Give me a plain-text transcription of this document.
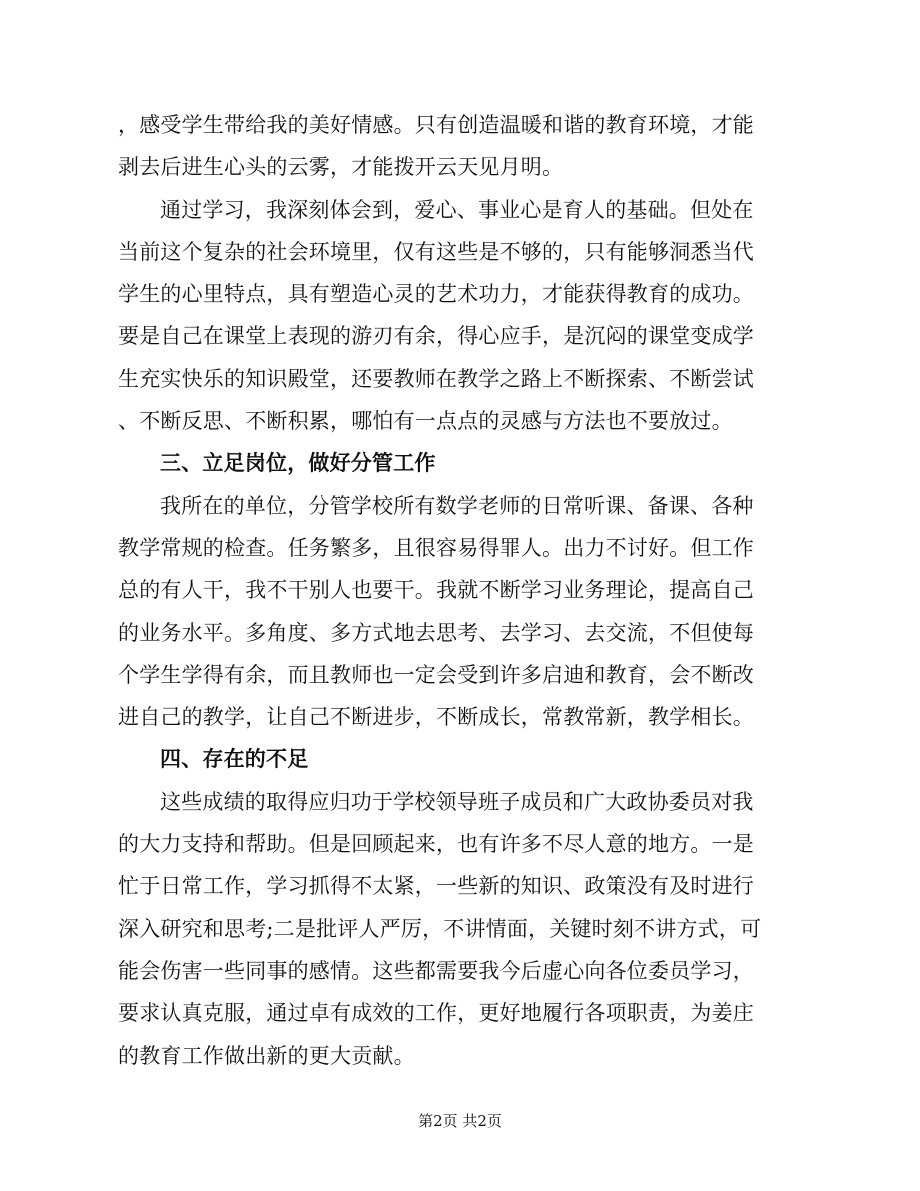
，感受学生带给我的美好情感。只有创造温暖和谐的教育环境，才能
剥去后进生心头的云雾，才能拨开云天见月明。
通过学习，我深刻体会到，爱心、事业心是育人的基础。但处在
当前这个复杂的社会环境里，仅有这些是不够的，只有能够洞悉当代
学生的心里特点，具有塑造心灵的艺术功力，才能获得教育的成功。
要是自己在课堂上表现的游刃有余，得心应手，是沉闷的课堂变成学
生充实快乐的知识殿堂，还要教师在教学之路上不断探索、不断尝试
、不断反思、不断积累，哪怕有一点点的灵感与方法也不要放过。
三、立足岗位，做好分管工作
我所在的单位，分管学校所有数学老师的日常听课、备课、各种
教学常规的检查。任务繁多，且很容易得罪人。出力不讨好。但工作
总的有人干，我不干别人也要干。我就不断学习业务理论，提高自己
的业务水平。多角度、多方式地去思考、去学习、去交流，不但使每
个学生学得有余，而且教师也一定会受到许多启迪和教育，会不断改
进自己的教学，让自己不断进步，不断成长，常教常新，教学相长。
四、存在的不足
这些成绩的取得应归功于学校领导班子成员和广大政协委员对我
的大力支持和帮助。但是回顾起来，也有许多不尽人意的地方。一是
忙于日常工作，学习抓得不太紧，一些新的知识、政策没有及时进行
深入研究和思考;二是批评人严厉，不讲情面，关键时刻不讲方式，可
能会伤害一些同事的感情。这些都需要我今后虚心向各位委员学习，
要求认真克服，通过卓有成效的工作，更好地履行各项职责，为姜庄
的教育工作做出新的更大贡献。
第2页 共2页
